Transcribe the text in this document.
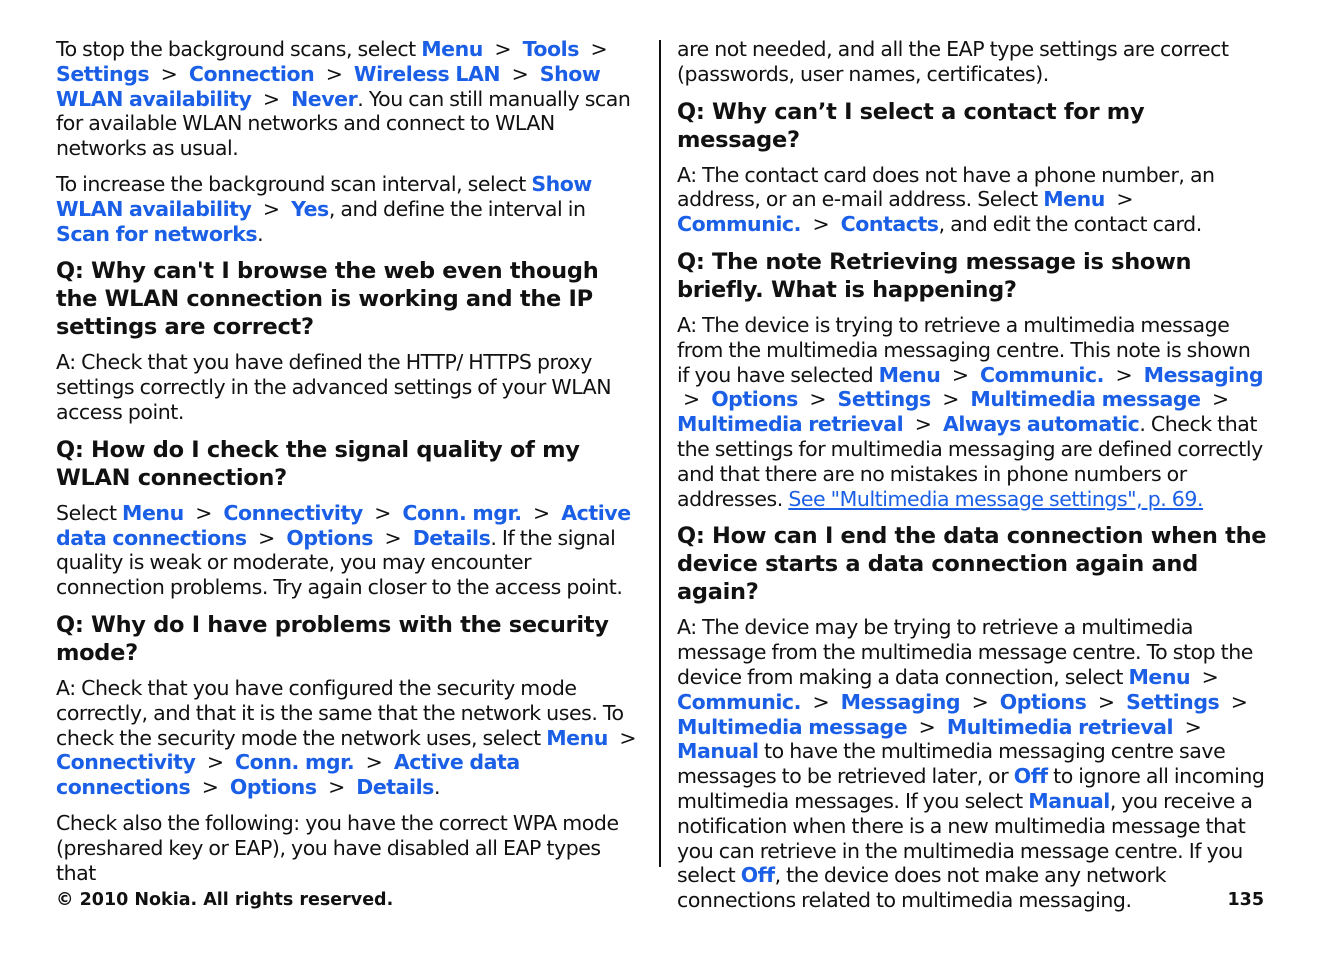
To stop the background scans, select Menu > Tools > Settings > Connection > Wireless LAN > Show WLAN availability > Never. You can still manually scan for available WLAN networks and connect to WLAN networks as usual.

To increase the background scan interval, select Show WLAN availability > Yes, and define the interval in Scan for networks.

Q: Why can't I browse the web even though the WLAN connection is working and the IP settings are correct?

A: Check that you have defined the HTTP/ HTTPS proxy settings correctly in the advanced settings of your WLAN access point.

Q: How do I check the signal quality of my WLAN connection?

Select Menu > Connectivity > Conn. mgr. > Active data connections > Options > Details. If the signal quality is weak or moderate, you may encounter connection problems. Try again closer to the access point.

Q: Why do I have problems with the security mode?

A: Check that you have configured the security mode correctly, and that it is the same that the network uses. To check the security mode the network uses, select Menu > Connectivity > Conn. mgr. > Active data connections > Options > Details.

Check also the following: you have the correct WPA mode (preshared key or EAP), you have disabled all EAP types that

are not needed, and all the EAP type settings are correct (passwords, user names, certificates).

Q: Why can’t I select a contact for my message?

A: The contact card does not have a phone number, an address, or an e-mail address. Select Menu > Communic. > Contacts, and edit the contact card.

Q: The note Retrieving message is shown briefly. What is happening?

A: The device is trying to retrieve a multimedia message from the multimedia messaging centre. This note is shown if you have selected Menu > Communic. > Messaging > Options > Settings > Multimedia message > Multimedia retrieval > Always automatic. Check that the settings for multimedia messaging are defined correctly and that there are no mistakes in phone numbers or addresses. See "Multimedia message settings", p. 69.

Q: How can I end the data connection when the device starts a data connection again and again?

A: The device may be trying to retrieve a multimedia message from the multimedia message centre. To stop the device from making a data connection, select Menu > Communic. > Messaging > Options > Settings > Multimedia message > Multimedia retrieval > Manual to have the multimedia messaging centre save messages to be retrieved later, or Off to ignore all incoming multimedia messages. If you select Manual, you receive a notification when there is a new multimedia message that you can retrieve in the multimedia message centre. If you select Off, the device does not make any network connections related to multimedia messaging.

© 2010 Nokia. All rights reserved.	135
